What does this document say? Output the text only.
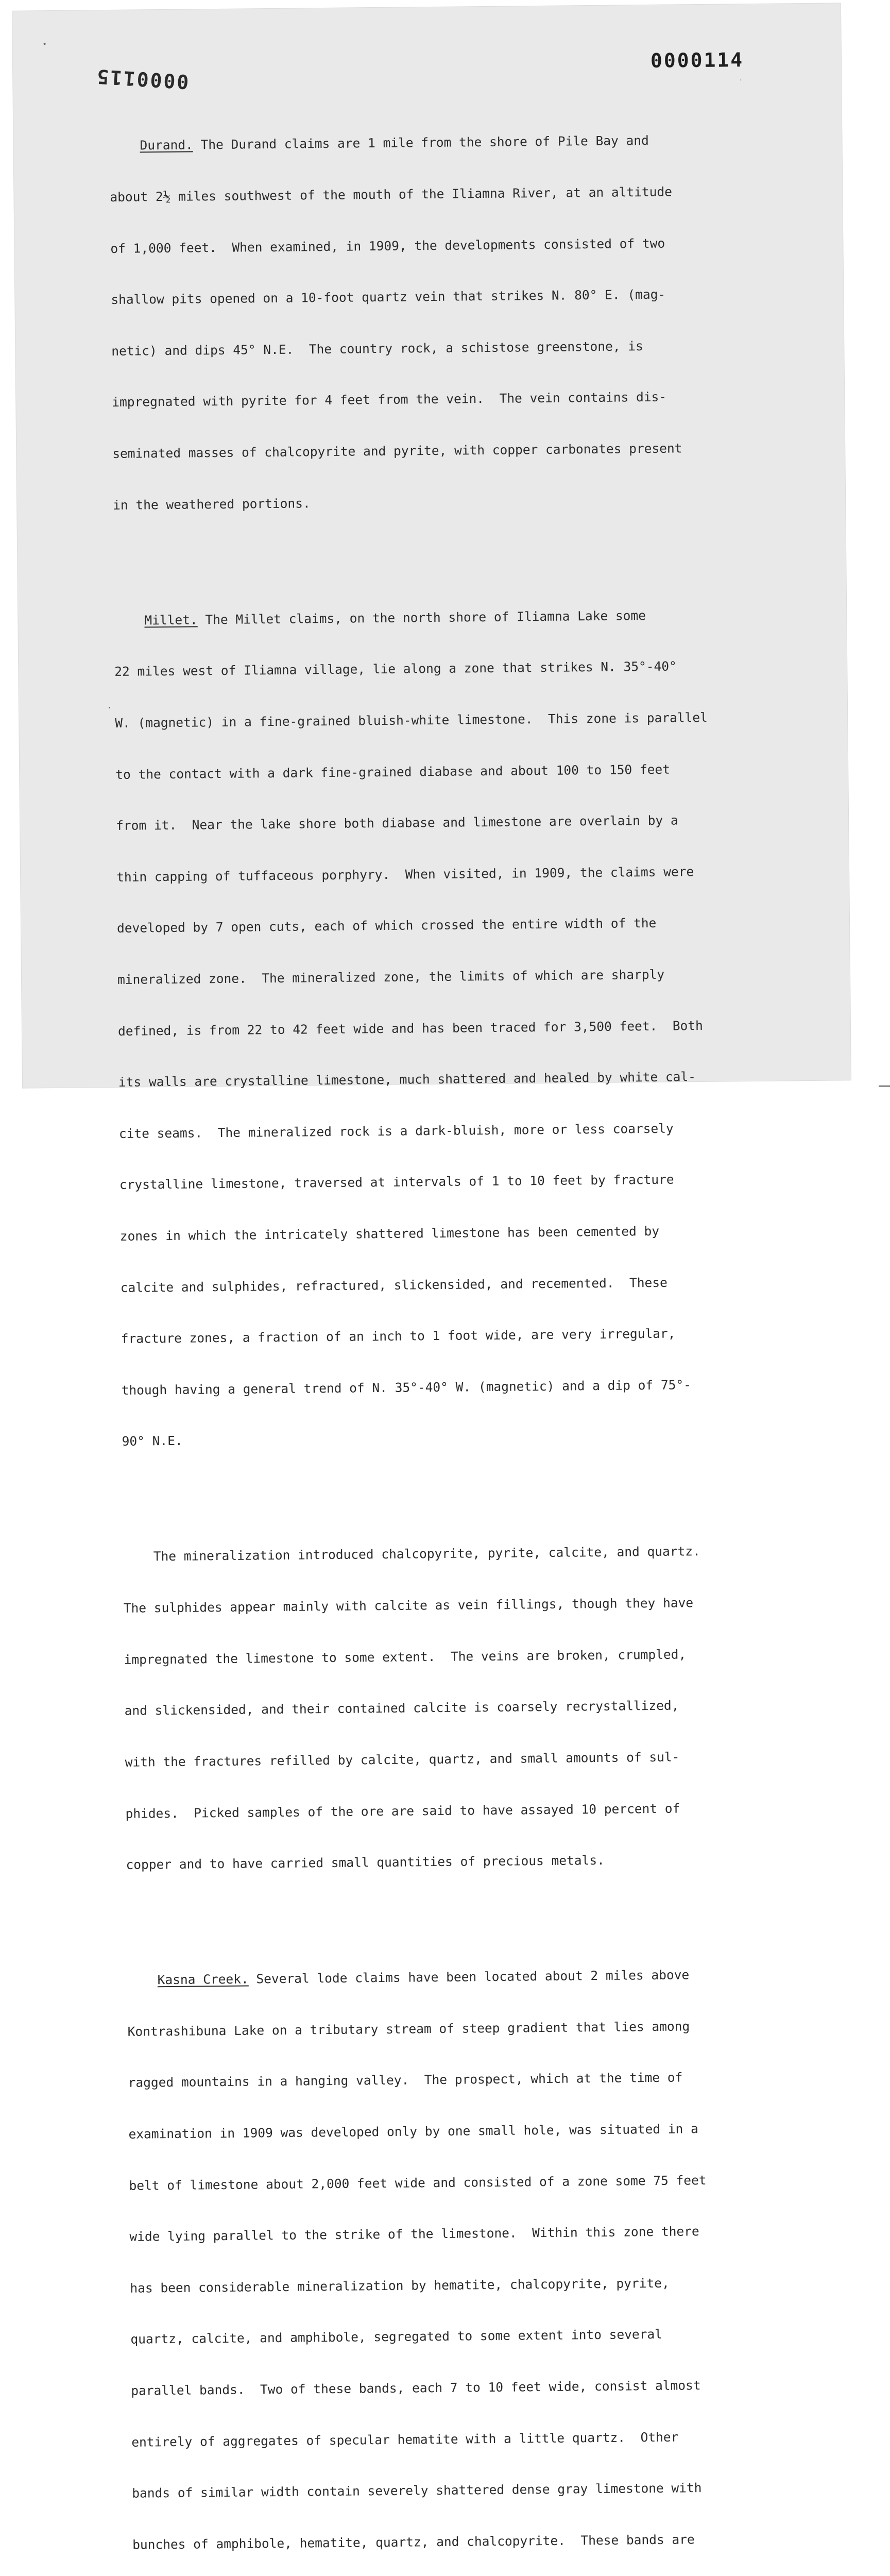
0000114
0000115

Durand. The Durand claims are 1 mile from the shore of Pile Bay and

about 2½ miles southwest of the mouth of the Iliamna River, at an altitude

of 1,000 feet.  When examined, in 1909, the developments consisted of two

shallow pits opened on a 10-foot quartz vein that strikes N. 80° E. (mag-

netic) and dips 45° N.E.  The country rock, a schistose greenstone, is

impregnated with pyrite for 4 feet from the vein.  The vein contains dis-

seminated masses of chalcopyrite and pyrite, with copper carbonates present

in the weathered portions.

Millet. The Millet claims, on the north shore of Iliamna Lake some

22 miles west of Iliamna village, lie along a zone that strikes N. 35°-40°

W. (magnetic) in a fine-grained bluish-white limestone.  This zone is parallel

to the contact with a dark fine-grained diabase and about 100 to 150 feet

from it.  Near the lake shore both diabase and limestone are overlain by a

thin capping of tuffaceous porphyry.  When visited, in 1909, the claims were

developed by 7 open cuts, each of which crossed the entire width of the

mineralized zone.  The mineralized zone, the limits of which are sharply

defined, is from 22 to 42 feet wide and has been traced for 3,500 feet.  Both

its walls are crystalline limestone, much shattered and healed by white cal-

cite seams.  The mineralized rock is a dark-bluish, more or less coarsely

crystalline limestone, traversed at intervals of 1 to 10 feet by fracture

zones in which the intricately shattered limestone has been cemented by

calcite and sulphides, refractured, slickensided, and recemented.  These

fracture zones, a fraction of an inch to 1 foot wide, are very irregular,

though having a general trend of N. 35°-40° W. (magnetic) and a dip of 75°-

90° N.E.

The mineralization introduced chalcopyrite, pyrite, calcite, and quartz.

The sulphides appear mainly with calcite as vein fillings, though they have

impregnated the limestone to some extent.  The veins are broken, crumpled,

and slickensided, and their contained calcite is coarsely recrystallized,

with the fractures refilled by calcite, quartz, and small amounts of sul-

phides.  Picked samples of the ore are said to have assayed 10 percent of

copper and to have carried small quantities of precious metals.

Kasna Creek. Several lode claims have been located about 2 miles above

Kontrashibuna Lake on a tributary stream of steep gradient that lies among

ragged mountains in a hanging valley.  The prospect, which at the time of

examination in 1909 was developed only by one small hole, was situated in a

belt of limestone about 2,000 feet wide and consisted of a zone some 75 feet

wide lying parallel to the strike of the limestone.  Within this zone there

has been considerable mineralization by hematite, chalcopyrite, pyrite,

quartz, calcite, and amphibole, segregated to some extent into several

parallel bands.  Two of these bands, each 7 to 10 feet wide, consist almost

entirely of aggregates of specular hematite with a little quartz.  Other

bands of similar width contain severely shattered dense gray limestone with

bunches of amphibole, hematite, quartz, and chalcopyrite.  These bands are
